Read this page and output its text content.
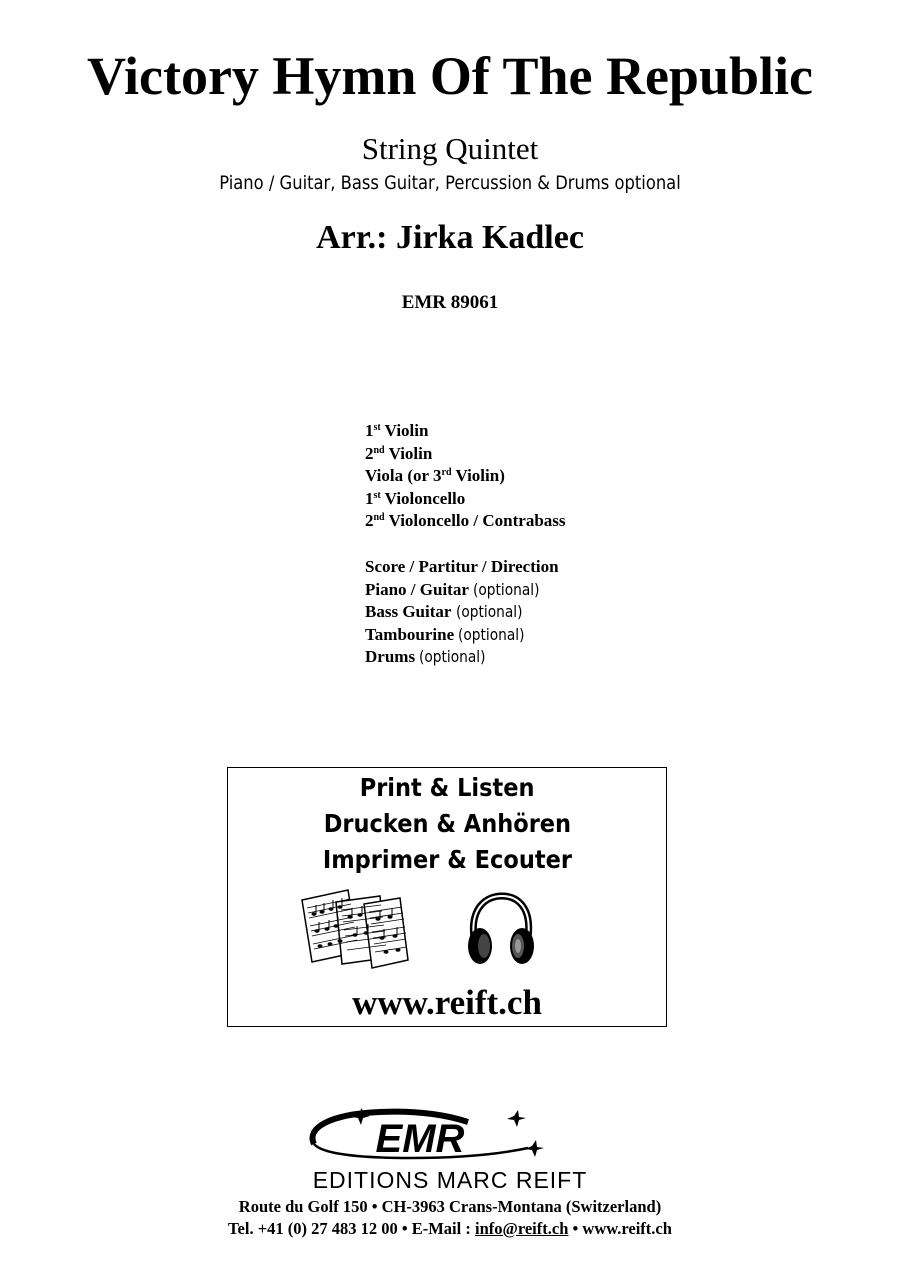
Victory Hymn Of The Republic
String Quintet
Piano / Guitar, Bass Guitar, Percussion & Drums optional
Arr.: Jirka Kadlec
EMR 89061
1st Violin
2nd Violin
Viola (or 3rd Violin)
1st Violoncello
2nd Violoncello / Contrabass
Score / Partitur / Direction
Piano / Guitar (optional)
Bass Guitar (optional)
Tambourine (optional)
Drums (optional)
Print & Listen
Drucken & Anhören
Imprimer & Ecouter
www.reift.ch
EMR
EDITIONS MARC REIFT
Route du Golf 150 • CH-3963 Crans-Montana (Switzerland)
Tel. +41 (0) 27 483 12 00 • E-Mail : info@reift.ch • www.reift.ch
